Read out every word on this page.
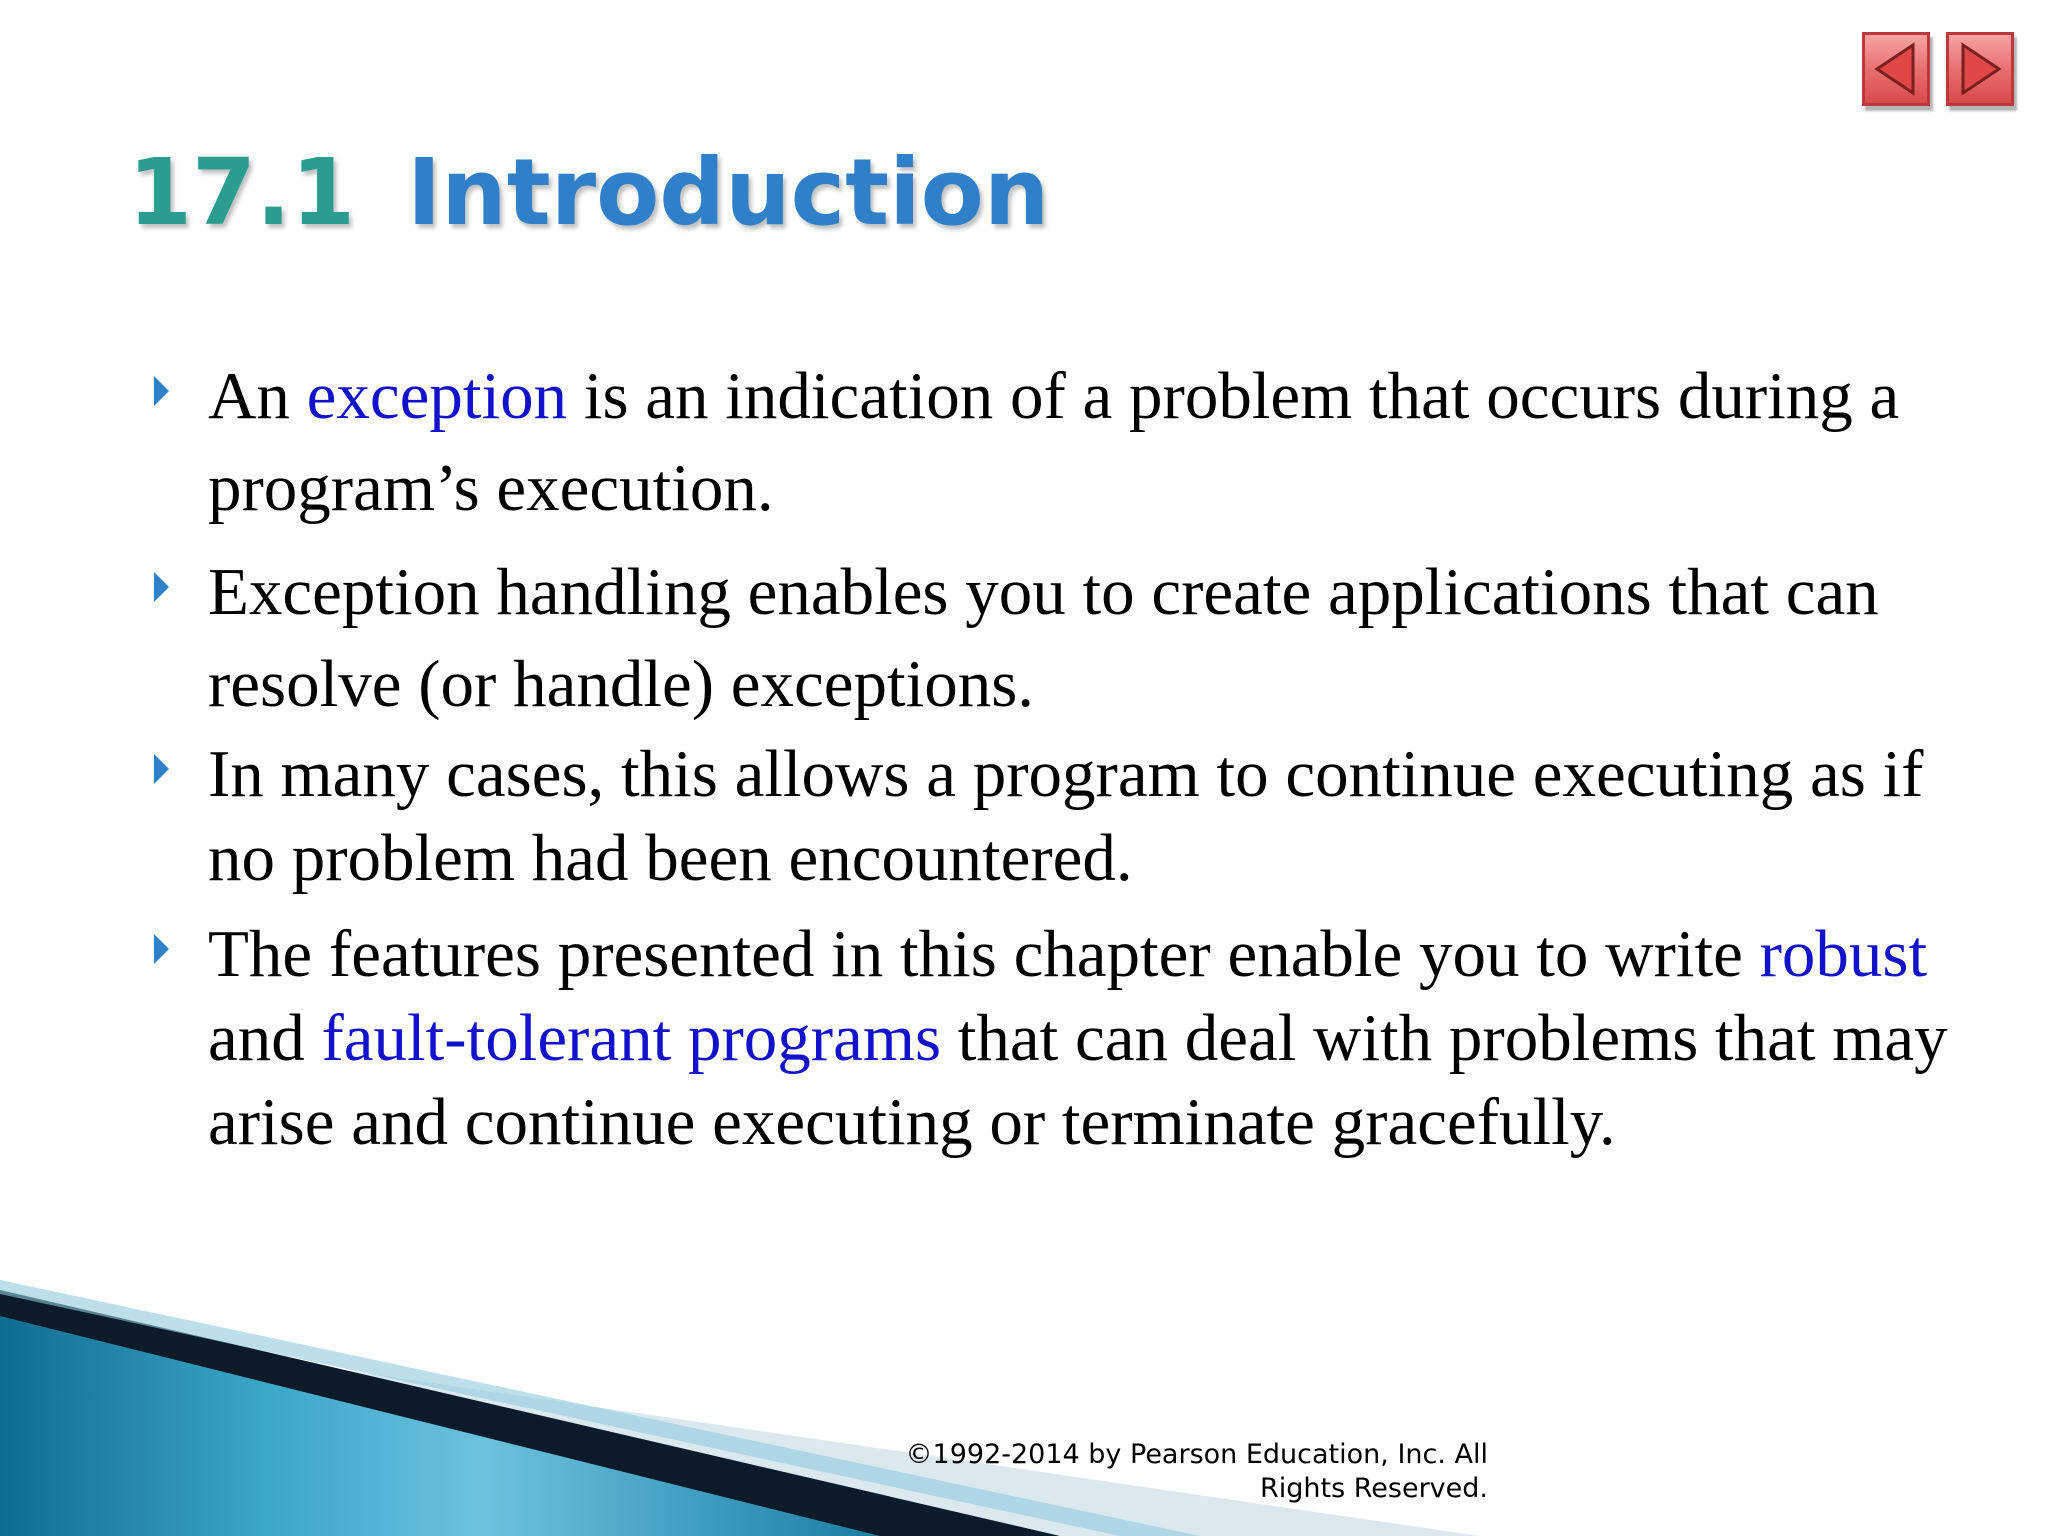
17.1 Introduction
An exception is an indication of a problem that occurs during a program’s execution.
Exception handling enables you to create applications that can resolve (or handle) exceptions.
In many cases, this allows a program to continue executing as if no problem had been encountered.
The features presented in this chapter enable you to write robust and fault-tolerant programs that can deal with problems that may arise and continue executing or terminate gracefully.
©1992-2014 by Pearson Education, Inc. All
Rights Reserved.
